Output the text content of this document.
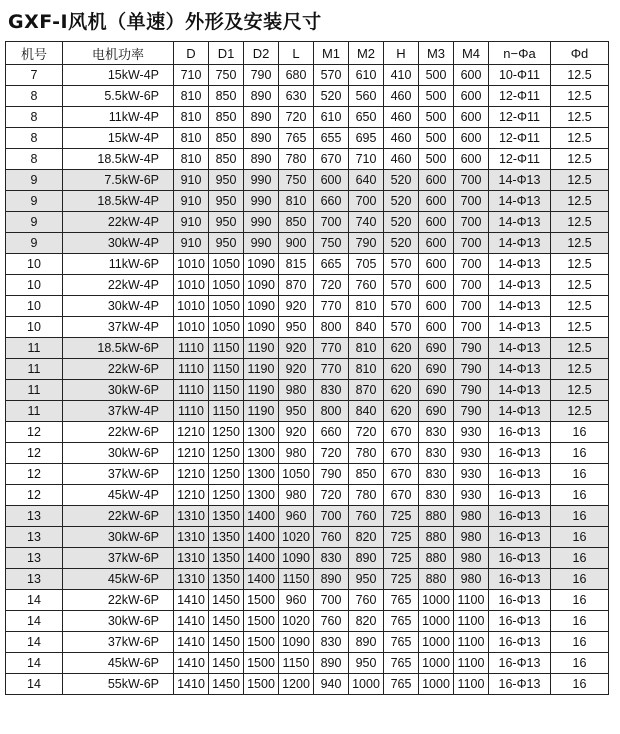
GXF-Ⅰ风机（单速）外形及安装尺寸
机号	电机功率	D	D1	D2	L	M1	M2	H	M3	M4	n−Φa	Φd
7	15kW-4P	710	750	790	680	570	610	410	500	600	10-Φ11	12.5
8	5.5kW-6P	810	850	890	630	520	560	460	500	600	12-Φ11	12.5
8	11kW-4P	810	850	890	720	610	650	460	500	600	12-Φ11	12.5
8	15kW-4P	810	850	890	765	655	695	460	500	600	12-Φ11	12.5
8	18.5kW-4P	810	850	890	780	670	710	460	500	600	12-Φ11	12.5
9	7.5kW-6P	910	950	990	750	600	640	520	600	700	14-Φ13	12.5
9	18.5kW-4P	910	950	990	810	660	700	520	600	700	14-Φ13	12.5
9	22kW-4P	910	950	990	850	700	740	520	600	700	14-Φ13	12.5
9	30kW-4P	910	950	990	900	750	790	520	600	700	14-Φ13	12.5
10	11kW-6P	1010	1050	1090	815	665	705	570	600	700	14-Φ13	12.5
10	22kW-4P	1010	1050	1090	870	720	760	570	600	700	14-Φ13	12.5
10	30kW-4P	1010	1050	1090	920	770	810	570	600	700	14-Φ13	12.5
10	37kW-4P	1010	1050	1090	950	800	840	570	600	700	14-Φ13	12.5
11	18.5kW-6P	1110	1150	1190	920	770	810	620	690	790	14-Φ13	12.5
11	22kW-6P	1110	1150	1190	920	770	810	620	690	790	14-Φ13	12.5
11	30kW-6P	1110	1150	1190	980	830	870	620	690	790	14-Φ13	12.5
11	37kW-4P	1110	1150	1190	950	800	840	620	690	790	14-Φ13	12.5
12	22kW-6P	1210	1250	1300	920	660	720	670	830	930	16-Φ13	16
12	30kW-6P	1210	1250	1300	980	720	780	670	830	930	16-Φ13	16
12	37kW-6P	1210	1250	1300	1050	790	850	670	830	930	16-Φ13	16
12	45kW-4P	1210	1250	1300	980	720	780	670	830	930	16-Φ13	16
13	22kW-6P	1310	1350	1400	960	700	760	725	880	980	16-Φ13	16
13	30kW-6P	1310	1350	1400	1020	760	820	725	880	980	16-Φ13	16
13	37kW-6P	1310	1350	1400	1090	830	890	725	880	980	16-Φ13	16
13	45kW-6P	1310	1350	1400	1150	890	950	725	880	980	16-Φ13	16
14	22kW-6P	1410	1450	1500	960	700	760	765	1000	1100	16-Φ13	16
14	30kW-6P	1410	1450	1500	1020	760	820	765	1000	1100	16-Φ13	16
14	37kW-6P	1410	1450	1500	1090	830	890	765	1000	1100	16-Φ13	16
14	45kW-6P	1410	1450	1500	1150	890	950	765	1000	1100	16-Φ13	16
14	55kW-6P	1410	1450	1500	1200	940	1000	765	1000	1100	16-Φ13	16
